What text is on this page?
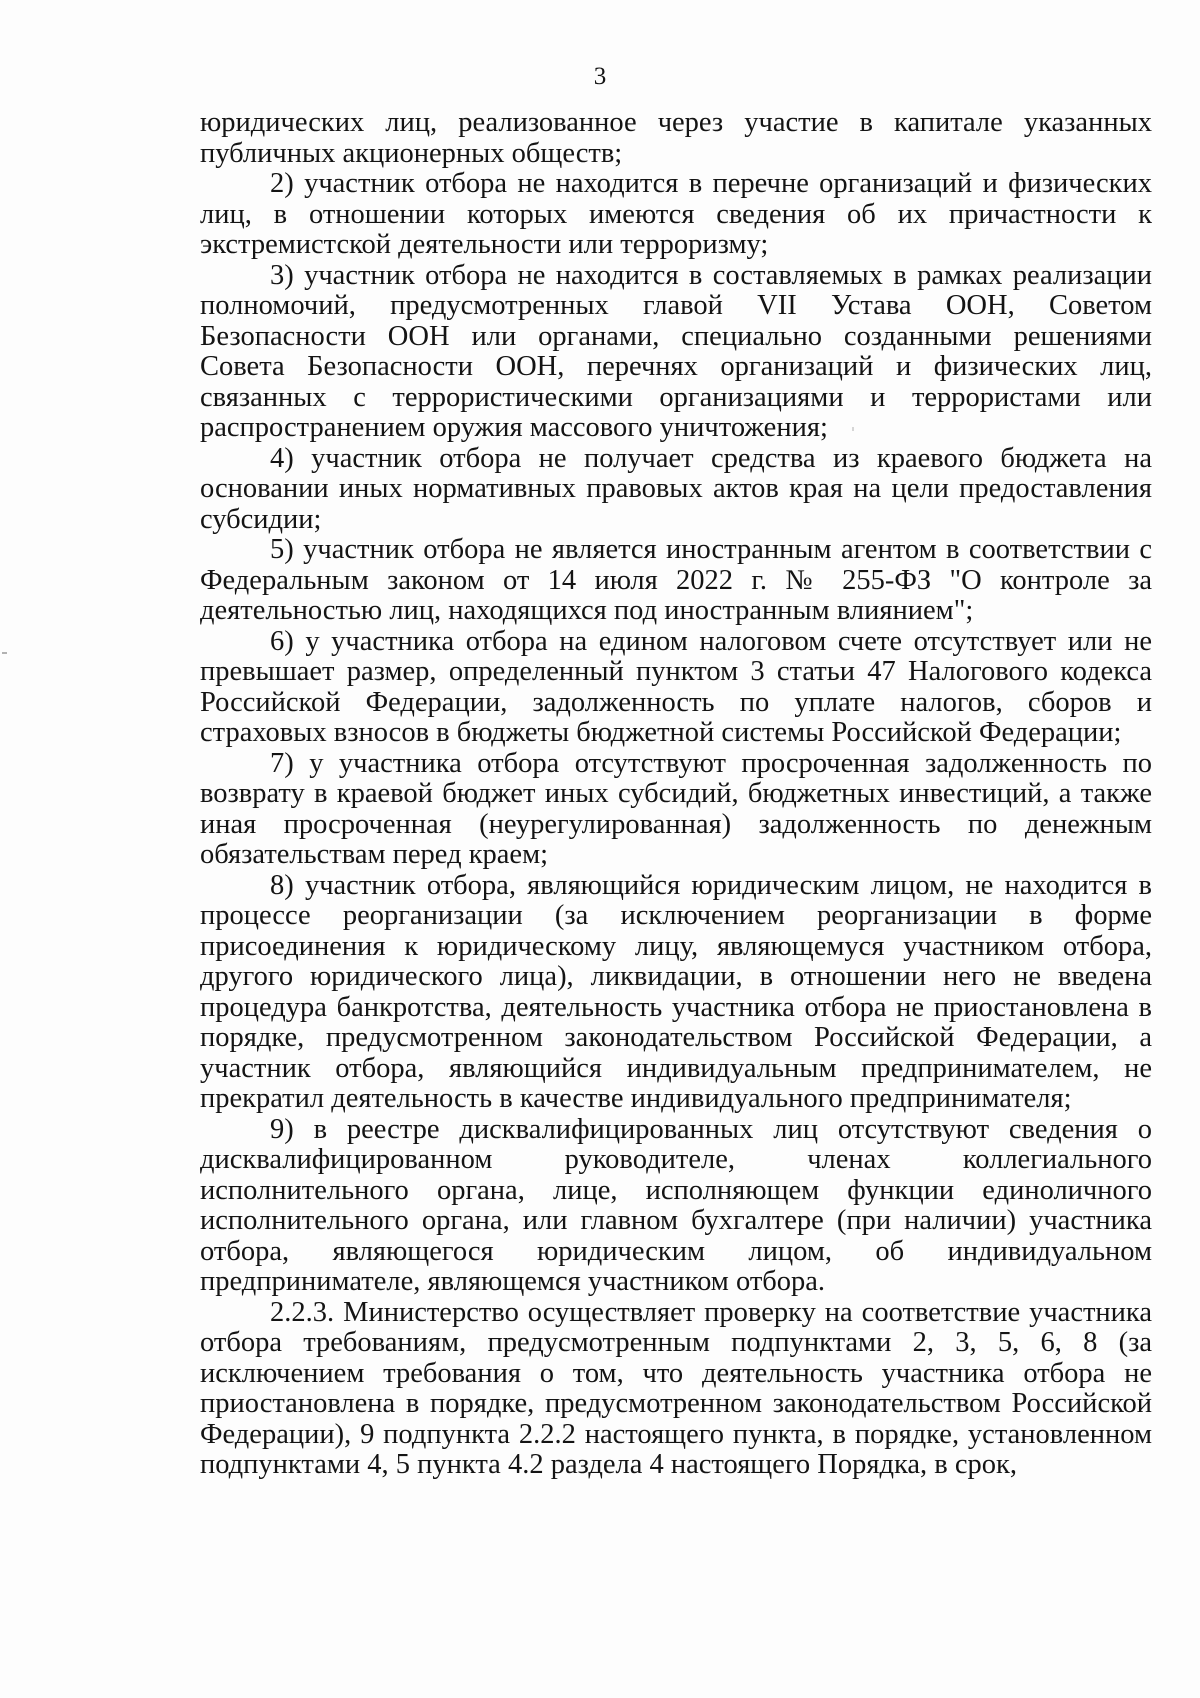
3

юридических лиц, реализованное через участие в капитале указанных публичных акционерных обществ;

2) участник отбора не находится в перечне организаций и физических лиц, в отношении которых имеются сведения об их причастности к экстремистской деятельности или терроризму;

3) участник отбора не находится в составляемых в рамках реализации полномочий, предусмотренных главой VII Устава ООН, Советом Безопасности ООН или органами, специально созданными решениями Совета Безопасности ООН, перечнях организаций и физических лиц, связанных с террористическими организациями и террористами или распространением оружия массового уничтожения;

4) участник отбора не получает средства из краевого бюджета на основании иных нормативных правовых актов края на цели предоставления субсидии;

5) участник отбора не является иностранным агентом в соответствии с Федеральным законом от 14 июля 2022 г. № 255-ФЗ "О контроле за деятельностью лиц, находящихся под иностранным влиянием";

6) у участника отбора на едином налоговом счете отсутствует или не превышает размер, определенный пунктом 3 статьи 47 Налогового кодекса Российской Федерации, задолженность по уплате налогов, сборов и страховых взносов в бюджеты бюджетной системы Российской Федерации;

7) у участника отбора отсутствуют просроченная задолженность по возврату в краевой бюджет иных субсидий, бюджетных инвестиций, а также иная просроченная (неурегулированная) задолженность по денежным обязательствам перед краем;

8) участник отбора, являющийся юридическим лицом, не находится в процессе реорганизации (за исключением реорганизации в форме присоединения к юридическому лицу, являющемуся участником отбора, другого юридического лица), ликвидации, в отношении него не введена процедура банкротства, деятельность участника отбора не приостановлена в порядке, предусмотренном законодательством Российской Федерации, а участник отбора, являющийся индивидуальным предпринимателем, не прекратил деятельность в качестве индивидуального предпринимателя;

9) в реестре дисквалифицированных лиц отсутствуют сведения о дисквалифицированном руководителе, членах коллегиального исполнительного органа, лице, исполняющем функции единоличного исполнительного органа, или главном бухгалтере (при наличии) участника отбора, являющегося юридическим лицом, об индивидуальном предпринимателе, являющемся участником отбора.

2.2.3. Министерство осуществляет проверку на соответствие участника отбора требованиям, предусмотренным подпунктами 2, 3, 5, 6, 8 (за исключением требования о том, что деятельность участника отбора не приостановлена в порядке, предусмотренном законодательством Российской Федерации), 9 подпункта 2.2.2 настоящего пункта, в порядке, установленном подпунктами 4, 5 пункта 4.2 раздела 4 настоящего Порядка, в срок,
